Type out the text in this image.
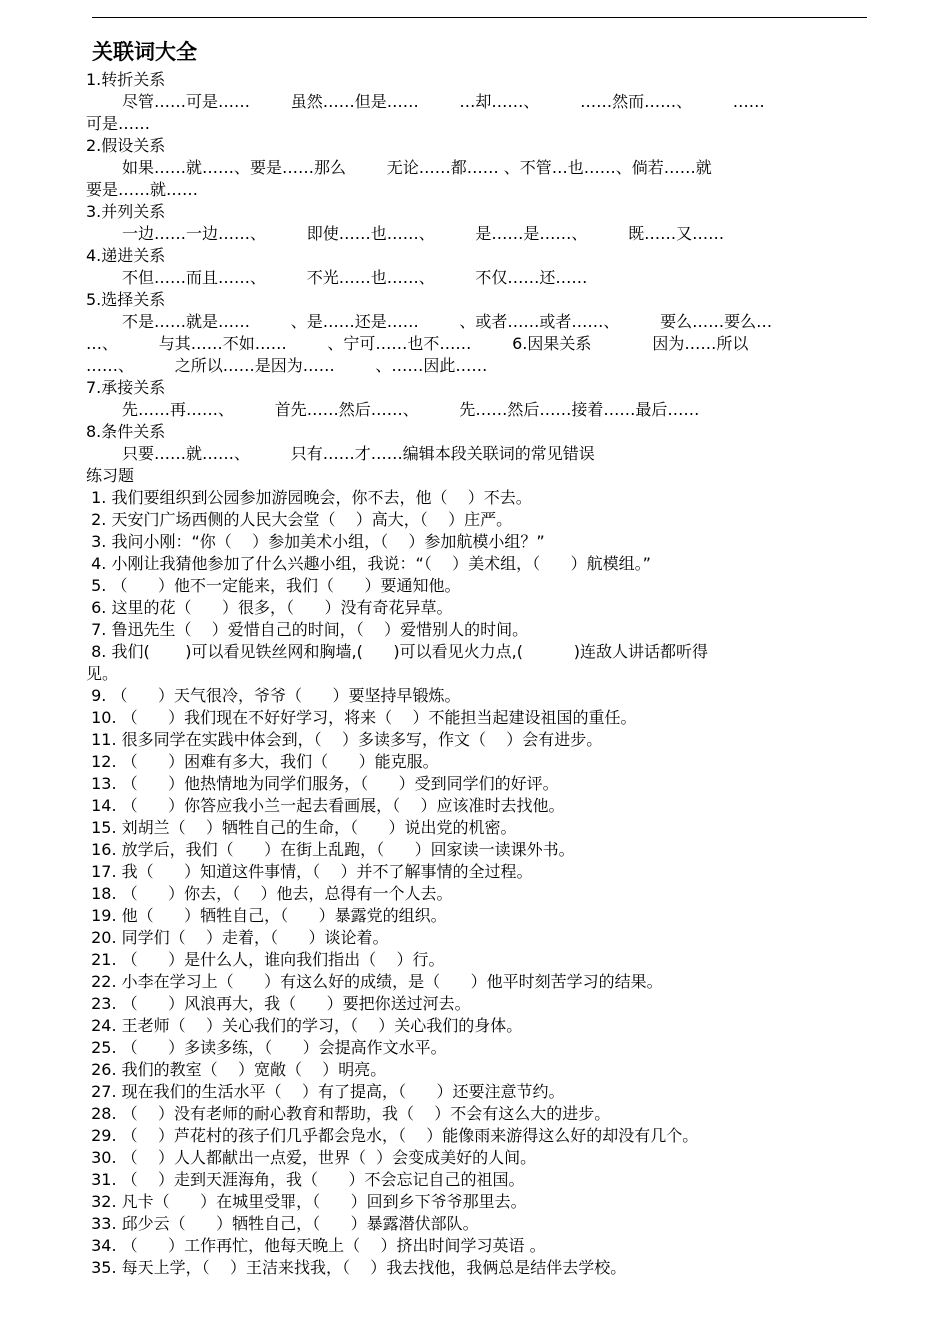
关联词大全
1.转折关系
尽管……可是……        虽然……但是……        …却……、        ……然而……、        ……
可是……
2.假设关系
如果……就……、要是……那么        无论……都…… 、不管…也……、倘若……就
要是……就……
3.并列关系
一边……一边……、        即使……也……、        是……是……、        既……又……
4.递进关系
不但……而且……、        不光……也……、        不仅……还……
5.选择关系
不是……就是……        、是……还是……        、或者……或者……、        要么……要么…
…、        与其……不如……        、宁可……也不……        6.因果关系            因为……所以
……、        之所以……是因为……        、……因此……
7.承接关系
先……再……、        首先……然后……、        先……然后……接着……最后……
8.条件关系
只要……就……、        只有……才……编辑本段关联词的常见错误
练习题
1. 我们要组织到公园参加游园晚会，你不去，他（    ）不去。
2. 天安门广场西侧的人民大会堂（    ）高大，（    ）庄严。
3. 我问小刚：“你（    ）参加美术小组，（    ）参加航模小组？”
4. 小刚让我猜他参加了什么兴趣小组，我说：“（    ）美术组，（      ）航模组。”
5. （      ）他不一定能来，我们（      ）要通知他。
6. 这里的花（      ）很多，（      ）没有奇花异草。
7. 鲁迅先生（    ）爱惜自己的时间，（    ）爱惜别人的时间。
8. 我们(       )可以看见铁丝网和胸墙,(      )可以看见火力点,(          )连敌人讲话都听得
见。
9. （      ）天气很冷，爷爷（      ）要坚持早锻炼。
10. （      ）我们现在不好好学习，将来（    ）不能担当起建设祖国的重任。
11. 很多同学在实践中体会到，（    ）多读多写，作文（    ）会有进步。
12. （      ）困难有多大，我们（      ）能克服。
13. （      ）他热情地为同学们服务，（      ）受到同学们的好评。
14. （      ）你答应我小兰一起去看画展，（    ）应该准时去找他。
15. 刘胡兰（    ）牺牲自己的生命，（      ）说出党的机密。
16. 放学后，我们（      ）在街上乱跑，（      ）回家读一读课外书。
17. 我（      ）知道这件事情，（    ）并不了解事情的全过程。
18. （      ）你去，（    ）他去，总得有一个人去。
19. 他（      ）牺牲自己，（      ）暴露党的组织。
20. 同学们（    ）走着，（      ）谈论着。
21. （      ）是什么人，谁向我们指出（    ）行。
22. 小李在学习上（      ）有这么好的成绩，是（      ）他平时刻苦学习的结果。
23. （      ）风浪再大，我（      ）要把你送过河去。
24. 王老师（    ）关心我们的学习，（    ）关心我们的身体。
25. （      ）多读多练，（      ）会提高作文水平。
26. 我们的教室（    ）宽敞（    ）明亮。
27. 现在我们的生活水平（    ）有了提高，（      ）还要注意节约。
28. （    ）没有老师的耐心教育和帮助，我（    ）不会有这么大的进步。
29. （    ）芦花村的孩子们几乎都会凫水，（    ）能像雨来游得这么好的却没有几个。
30. （    ）人人都献出一点爱，世界（  ）会变成美好的人间。
31. （    ）走到天涯海角，我（      ）不会忘记自己的祖国。
32. 凡卡（      ）在城里受罪，（      ）回到乡下爷爷那里去。
33. 邱少云（      ）牺牲自己，（      ）暴露潜伏部队。
34. （      ）工作再忙，他每天晚上（    ）挤出时间学习英语 。
35. 每天上学，（    ）王洁来找我，（    ）我去找他，我俩总是结伴去学校。
